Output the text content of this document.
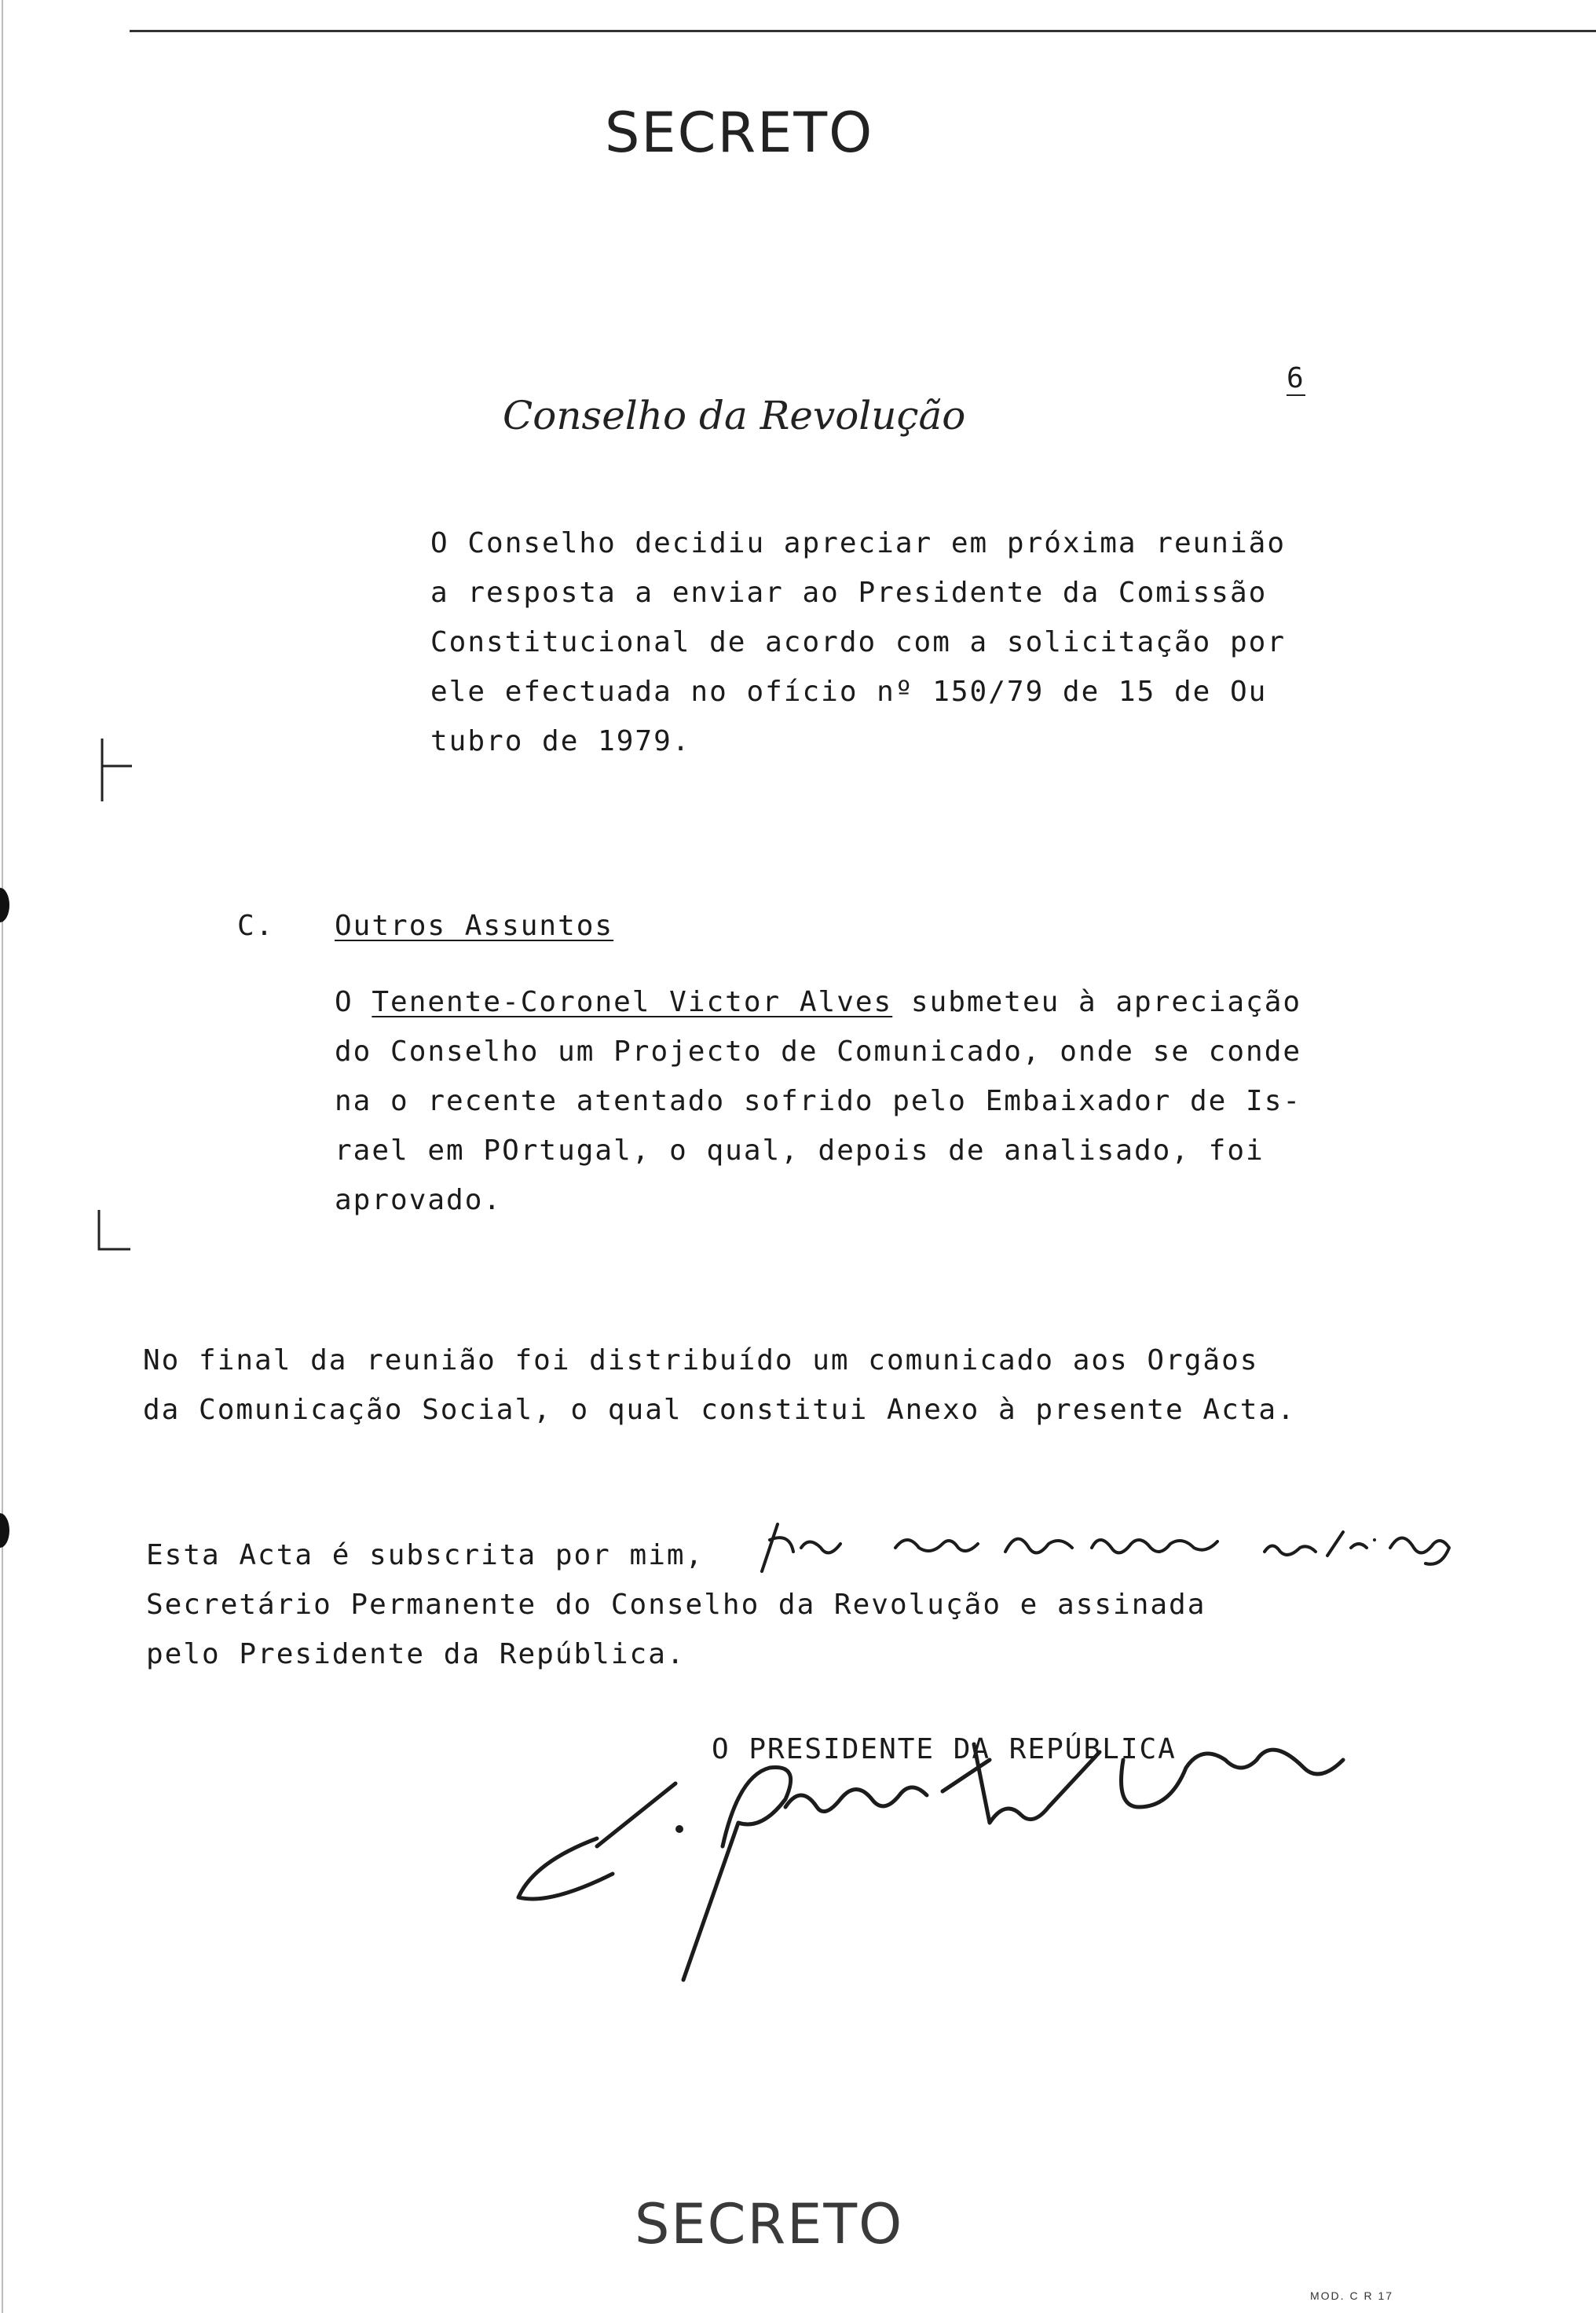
SECRETO
Conselho da Revolução
6
O Conselho decidiu apreciar em próxima reunião
a resposta a enviar ao Presidente da Comissão
Constitucional de acordo com a solicitação por
ele efectuada no ofício nº 150/79 de 15 de Ou
tubro de 1979.
C. Outros Assuntos
O Tenente-Coronel Victor Alves submeteu à apreciação
do Conselho um Projecto de Comunicado, onde se conde
na o recente atentado sofrido pelo Embaixador de Is-
rael em POrtugal, o qual, depois de analisado, foi
aprovado.
No final da reunião foi distribuído um comunicado aos Orgãos
da Comunicação Social, o qual constitui Anexo à presente Acta.
Esta Acta é subscrita por mim,
Secretário Permanente do Conselho da Revolução e assinada
pelo Presidente da República.
O PRESIDENTE DA REPÚBLICA
SECRETO
MOD. C R 17
